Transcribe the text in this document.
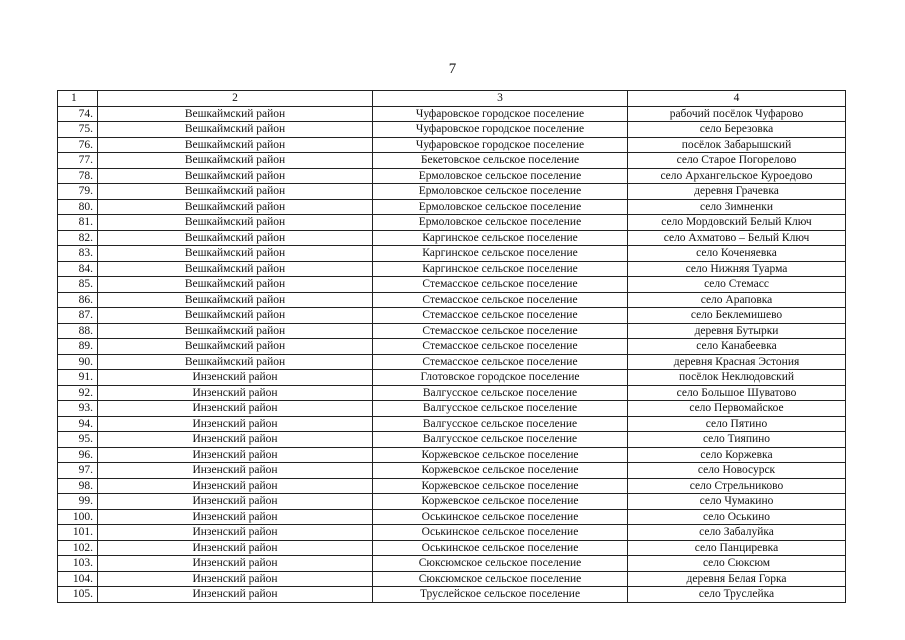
7
1	2	3	4
74.	Вешкаймский район	Чуфаровское городское поселение	рабочий посёлок Чуфарово
75.	Вешкаймский район	Чуфаровское городское поселение	село Березовка
76.	Вешкаймский район	Чуфаровское городское поселение	посёлок Забарышский
77.	Вешкаймский район	Бекетовское сельское поселение	село Старое Погорелово
78.	Вешкаймский район	Ермоловское сельское поселение	село Архангельское Куроедово
79.	Вешкаймский район	Ермоловское сельское поселение	деревня Грачевка
80.	Вешкаймский район	Ермоловское сельское поселение	село Зимненки
81.	Вешкаймский район	Ермоловское сельское поселение	село Мордовский Белый Ключ
82.	Вешкаймский район	Каргинское сельское поселение	село Ахматово – Белый Ключ
83.	Вешкаймский район	Каргинское сельское поселение	село Коченяевка
84.	Вешкаймский район	Каргинское сельское поселение	село Нижняя Туарма
85.	Вешкаймский район	Стемасское сельское поселение	село Стемасс
86.	Вешкаймский район	Стемасское сельское поселение	село Араповка
87.	Вешкаймский район	Стемасское сельское поселение	село Беклемишево
88.	Вешкаймский район	Стемасское сельское поселение	деревня Бутырки
89.	Вешкаймский район	Стемасское сельское поселение	село Канабеевка
90.	Вешкаймский район	Стемасское сельское поселение	деревня Красная Эстония
91.	Инзенский район	Глотовское городское поселение	посёлок Неклюдовский
92.	Инзенский район	Валгусское сельское поселение	село Большое Шуватово
93.	Инзенский район	Валгусское сельское поселение	село Первомайское
94.	Инзенский район	Валгусское сельское поселение	село Пятино
95.	Инзенский район	Валгусское сельское поселение	село Тияпино
96.	Инзенский район	Коржевское сельское поселение	село Коржевка
97.	Инзенский район	Коржевское сельское поселение	село Новосурск
98.	Инзенский район	Коржевское сельское поселение	село Стрельниково
99.	Инзенский район	Коржевское сельское поселение	село Чумакино
100.	Инзенский район	Оськинское сельское поселение	село Оськино
101.	Инзенский район	Оськинское сельское поселение	село Забалуйка
102.	Инзенский район	Оськинское сельское поселение	село Панциревка
103.	Инзенский район	Сюксюмское сельское поселение	село Сюксюм
104.	Инзенский район	Сюксюмское сельское поселение	деревня Белая Горка
105.	Инзенский район	Труслейское сельское поселение	село Труслейка
